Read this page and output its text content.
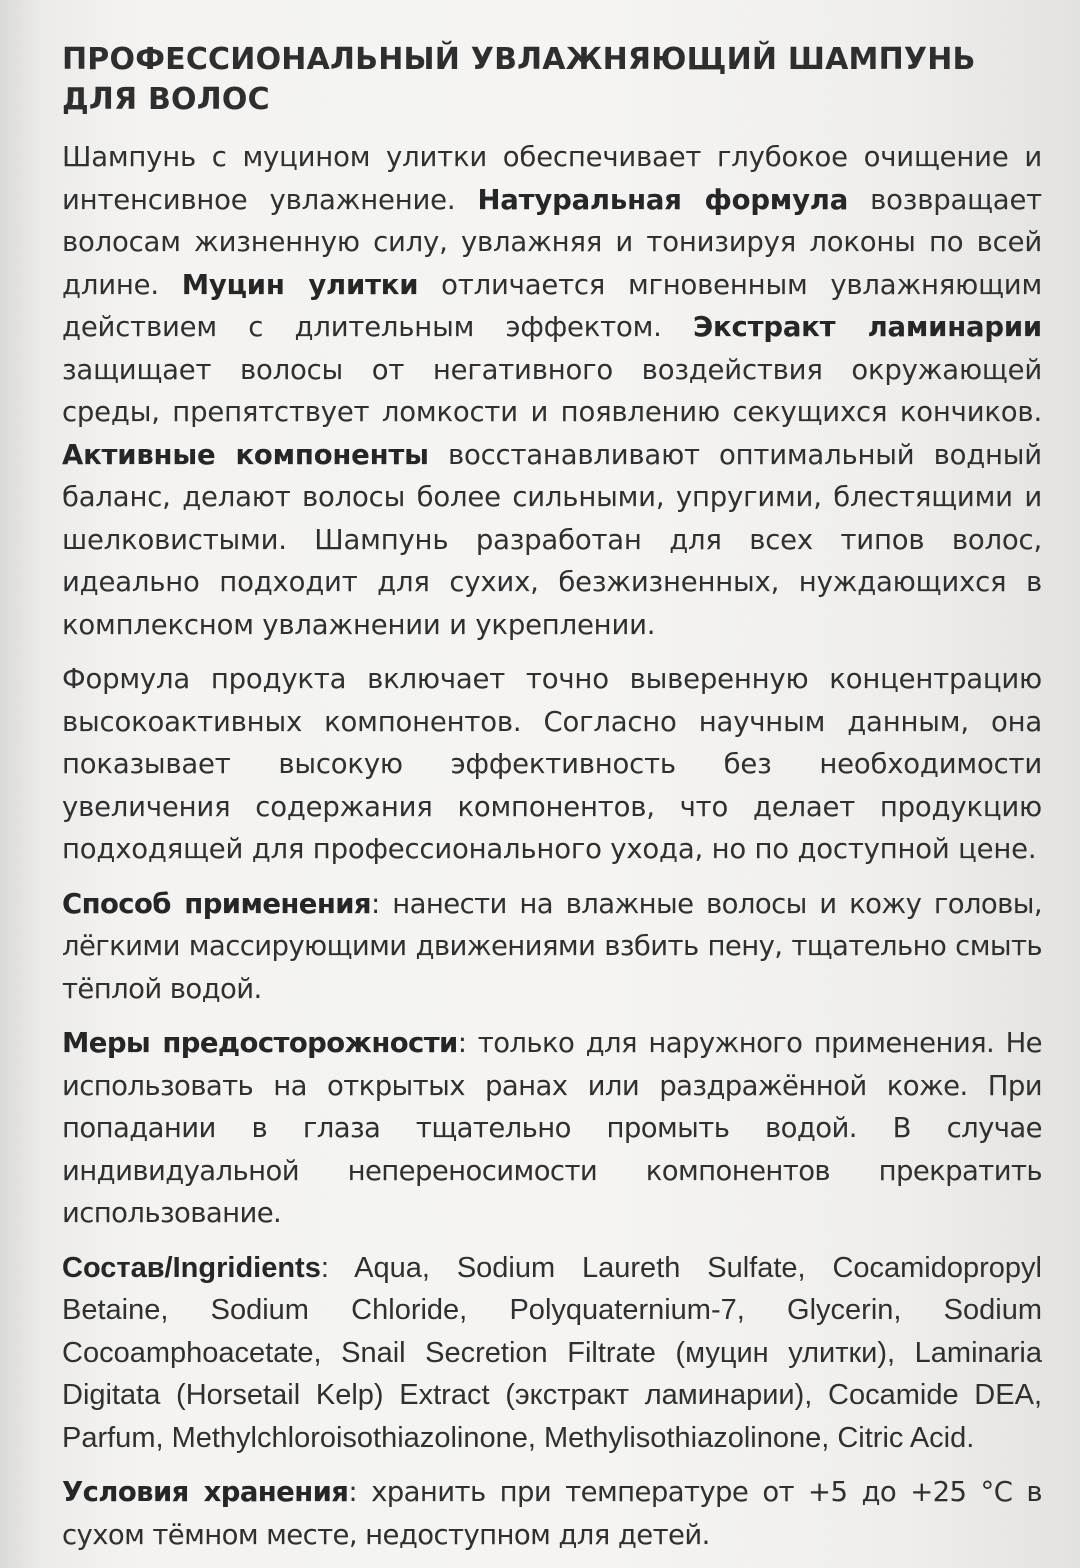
ПРОФЕССИОНАЛЬНЫЙ УВЛАЖНЯЮЩИЙ ШАМПУНЬ ДЛЯ ВОЛОС

Шампунь с муцином улитки обеспечивает глубокое очищение и интенсивное увлажнение. Натуральная формула возвращает волосам жизненную силу, увлажняя и тонизируя локоны по всей длине. Муцин улитки отличается мгновенным увлажняющим действием с длительным эффектом. Экстракт ламинарии защищает волосы от негативного воздействия окружающей среды, препятствует ломкости и появлению секущихся кончиков. Активные компоненты восстанавливают оптимальный водный баланс, делают волосы более сильными, упругими, блестящими и шелковистыми. Шампунь разработан для всех типов волос, идеально подходит для сухих, безжизненных, нуждающихся в комплексном увлажнении и укреплении.

Формула продукта включает точно выверенную концентрацию высокоактивных компонентов. Согласно научным данным, она показывает высокую эффективность без необходимости увеличения содержания компонентов, что делает продукцию подходящей для профессионального ухода, но по доступной цене.

Способ применения: нанести на влажные волосы и кожу головы, лёгкими массирующими движениями взбить пену, тщательно смыть тёплой водой.

Меры предосторожности: только для наружного применения. Не использовать на открытых ранах или раздражённой коже. При попадании в глаза тщательно промыть водой. В случае индивидуальной непереносимости компонентов прекратить использование.

Состав/Ingridients: Aqua, Sodium Laureth Sulfate, Cocamidopropyl Betaine, Sodium Chloride, Polyquaternium-7, Glycerin, Sodium Cocoamphoacetate, Snail Secretion Filtrate (муцин улитки), Laminaria Digitata (Horsetail Kelp) Extract (экстракт ламинарии), Cocamide DEA, Parfum, Methylchloroisothiazolinone, Methylisothiazolinone, Citric Acid.

Условия хранения: хранить при температуре от +5 до +25 °C в сухом тёмном месте, недоступном для детей.
